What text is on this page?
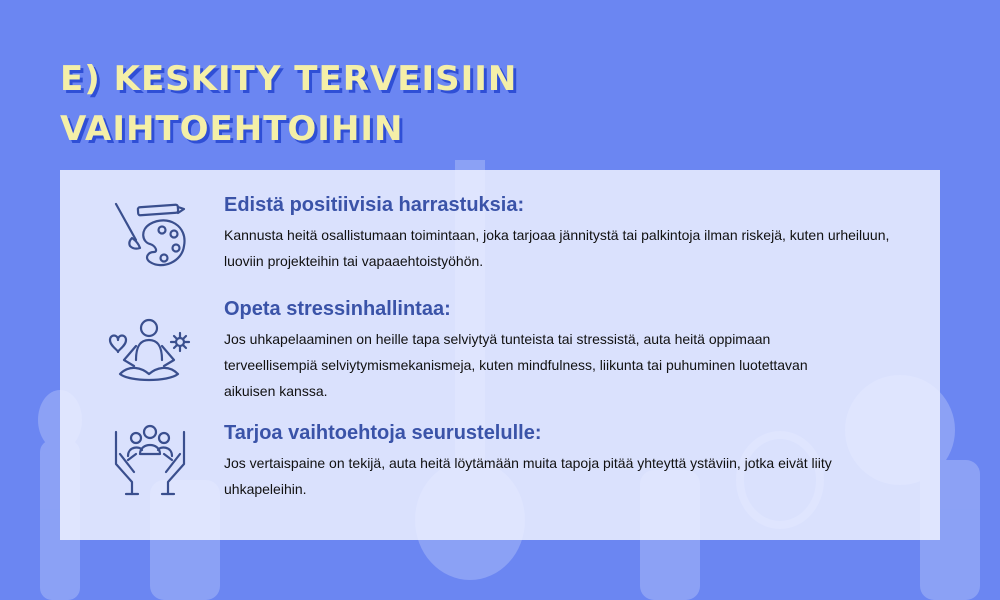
E) KESKITY TERVEISIIN
VAIHTOEHTOIHIN
Edistä positiivisia harrastuksia:

Kannusta heitä osallistumaan toimintaan, joka tarjoaa jännitystä tai palkintoja ilman riskejä, kuten urheiluun, luoviin projekteihin tai vapaaehtoistyöhön.

Opeta stressinhallintaa:

Jos uhkapelaaminen on heille tapa selviytyä tunteista tai stressistä, auta heitä oppimaan terveellisempiä selviytymismekanismeja, kuten mindfulness, liikunta tai puhuminen luotettavan aikuisen kanssa.

Tarjoa vaihtoehtoja seurustelulle:

Jos vertaispaine on tekijä, auta heitä löytämään muita tapoja pitää yhteyttä ystäviin, jotka eivät liity uhkapeleihin.
